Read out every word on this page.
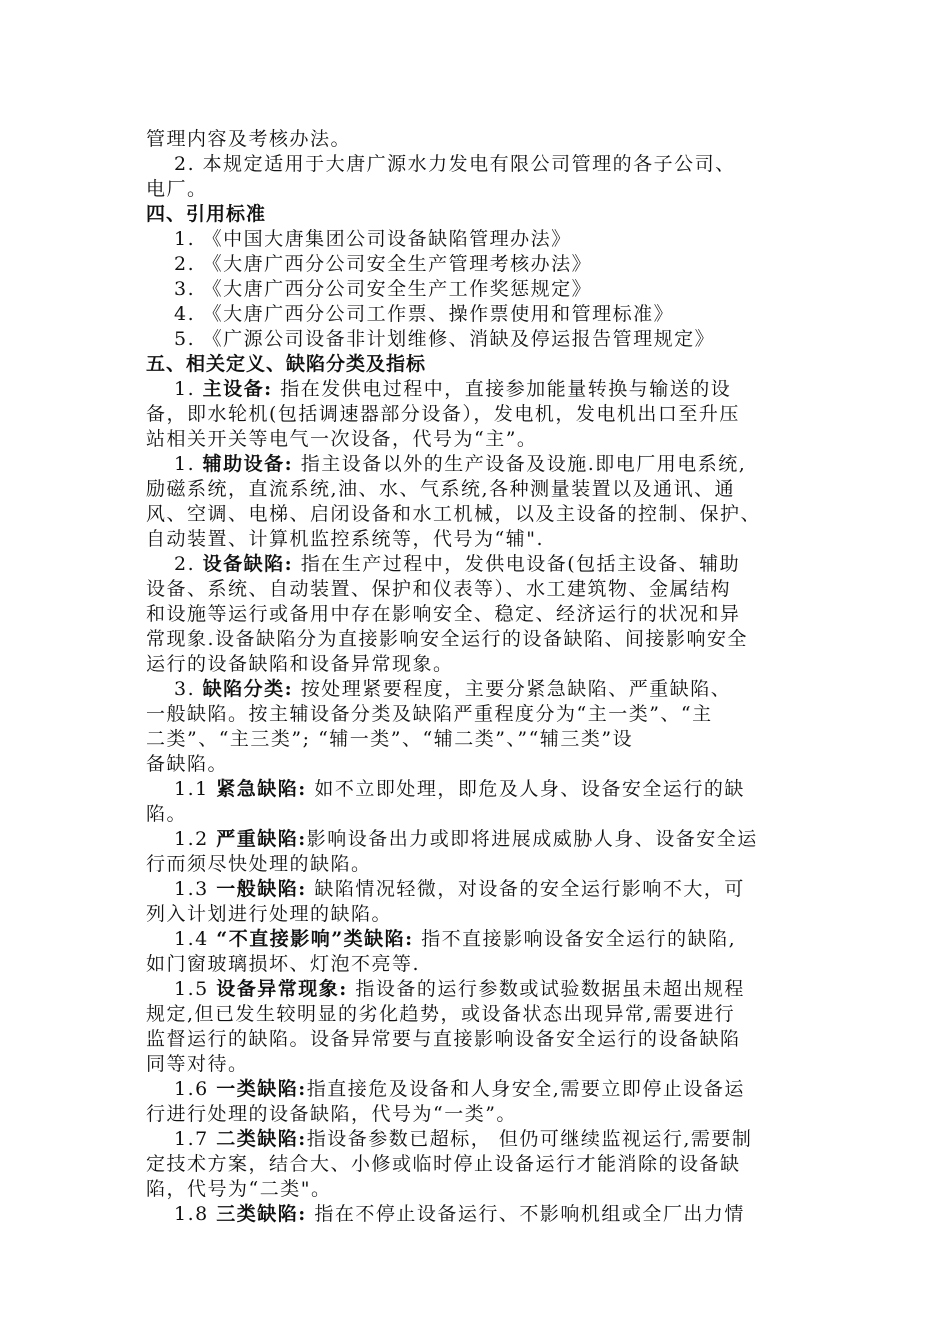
管理内容及考核办法。
2. 本规定适用于大唐广源水力发电有限公司管理的各子公司、
电厂。
四、引用标准
1. 《中国大唐集团公司设备缺陷管理办法》
2. 《大唐广西分公司安全生产管理考核办法》
3. 《大唐广西分公司安全生产工作奖惩规定》
4. 《大唐广西分公司工作票、操作票使用和管理标准》
5. 《广源公司设备非计划维修、消缺及停运报告管理规定》
五、相关定义、缺陷分类及指标
1. 主设备: 指在发供电过程中，直接参加能量转换与输送的设
备，即水轮机(包括调速器部分设备），发电机，发电机出口至升压
站相关开关等电气一次设备，代号为“主”。
1. 辅助设备: 指主设备以外的生产设备及设施.即电厂用电系统,
励磁系统，直流系统,油、水、气系统,各种测量装置以及通讯、通
风、空调、电梯、启闭设备和水工机械，以及主设备的控制、保护、
自动装置、计算机监控系统等，代号为“辅".
2. 设备缺陷: 指在生产过程中，发供电设备(包括主设备、辅助
设备、系统、自动装置、保护和仪表等）、水工建筑物、金属结构
和设施等运行或备用中存在影响安全、稳定、经济运行的状况和异
常现象.设备缺陷分为直接影响安全运行的设备缺陷、间接影响安全
运行的设备缺陷和设备异常现象。
3. 缺陷分类: 按处理紧要程度，主要分紧急缺陷、严重缺陷、
一般缺陷。按主辅设备分类及缺陷严重程度分为“主一类”、“主
二类”、“主三类”; “辅一类”、“辅二类”、”“辅三类”设
备缺陷。
1.1 紧急缺陷: 如不立即处理，即危及人身、设备安全运行的缺
陷。
1.2 严重缺陷:影响设备出力或即将进展成威胁人身、设备安全运
行而须尽快处理的缺陷。
1.3 一般缺陷: 缺陷情况轻微，对设备的安全运行影响不大，可
列入计划进行处理的缺陷。
1.4 “不直接影响”类缺陷: 指不直接影响设备安全运行的缺陷,
如门窗玻璃损坏、灯泡不亮等.
1.5 设备异常现象: 指设备的运行参数或试验数据虽未超出规程
规定,但已发生较明显的劣化趋势，或设备状态出现异常,需要进行
监督运行的缺陷。设备异常要与直接影响设备安全运行的设备缺陷
同等对待。
1.6 一类缺陷:指直接危及设备和人身安全,需要立即停止设备运
行进行处理的设备缺陷，代号为“一类”。
1.7 二类缺陷:指设备参数已超标， 但仍可继续监视运行,需要制
定技术方案，结合大、小修或临时停止设备运行才能消除的设备缺
陷，代号为“二类"。
1.8 三类缺陷: 指在不停止设备运行、不影响机组或全厂出力情
